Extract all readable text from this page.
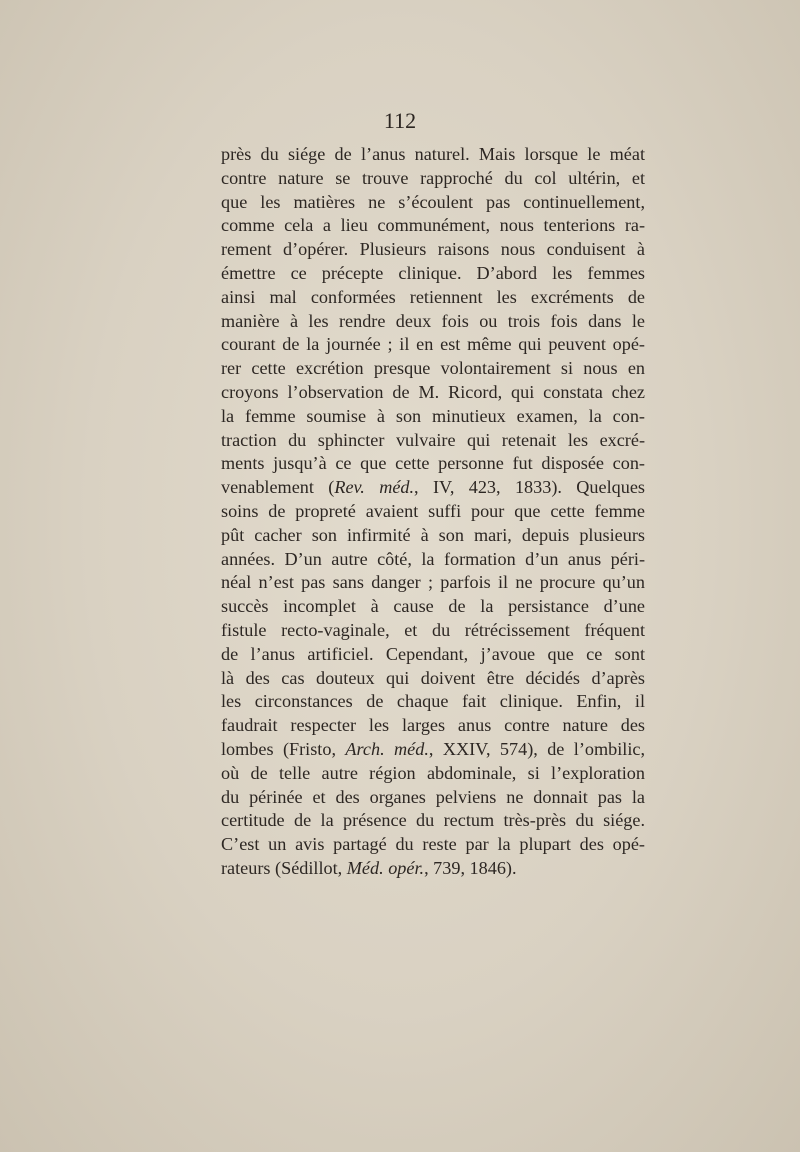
112
près du siége de l’anus naturel. Mais lorsque le méat
contre nature se trouve rapproché du col ultérin, et
que les matières ne s’écoulent pas continuellement,
comme cela a lieu communément, nous tenterions ra-
rement d’opérer. Plusieurs raisons nous conduisent à
émettre ce précepte clinique. D’abord les femmes
ainsi mal conformées retiennent les excréments de
manière à les rendre deux fois ou trois fois dans le
courant de la journée ; il en est même qui peuvent opé-
rer cette excrétion presque volontairement si nous en
croyons l’observation de M. Ricord, qui constata chez
la femme soumise à son minutieux examen, la con-
traction du sphincter vulvaire qui retenait les excré-
ments jusqu’à ce que cette personne fut disposée con-
venablement (Rev. méd., IV, 423, 1833). Quelques
soins de propreté avaient suffi pour que cette femme
pût cacher son infirmité à son mari, depuis plusieurs
années. D’un autre côté, la formation d’un anus péri-
néal n’est pas sans danger ; parfois il ne procure qu’un
succès incomplet à cause de la persistance d’une
fistule recto-vaginale, et du rétrécissement fréquent
de l’anus artificiel. Cependant, j’avoue que ce sont
là des cas douteux qui doivent être décidés d’après
les circonstances de chaque fait clinique. Enfin, il
faudrait respecter les larges anus contre nature des
lombes (Fristo, Arch. méd., XXIV, 574), de l’ombilic,
où de telle autre région abdominale, si l’exploration
du périnée et des organes pelviens ne donnait pas la
certitude de la présence du rectum très-près du siége.
C’est un avis partagé du reste par la plupart des opé-
rateurs (Sédillot, Méd. opér., 739, 1846).
